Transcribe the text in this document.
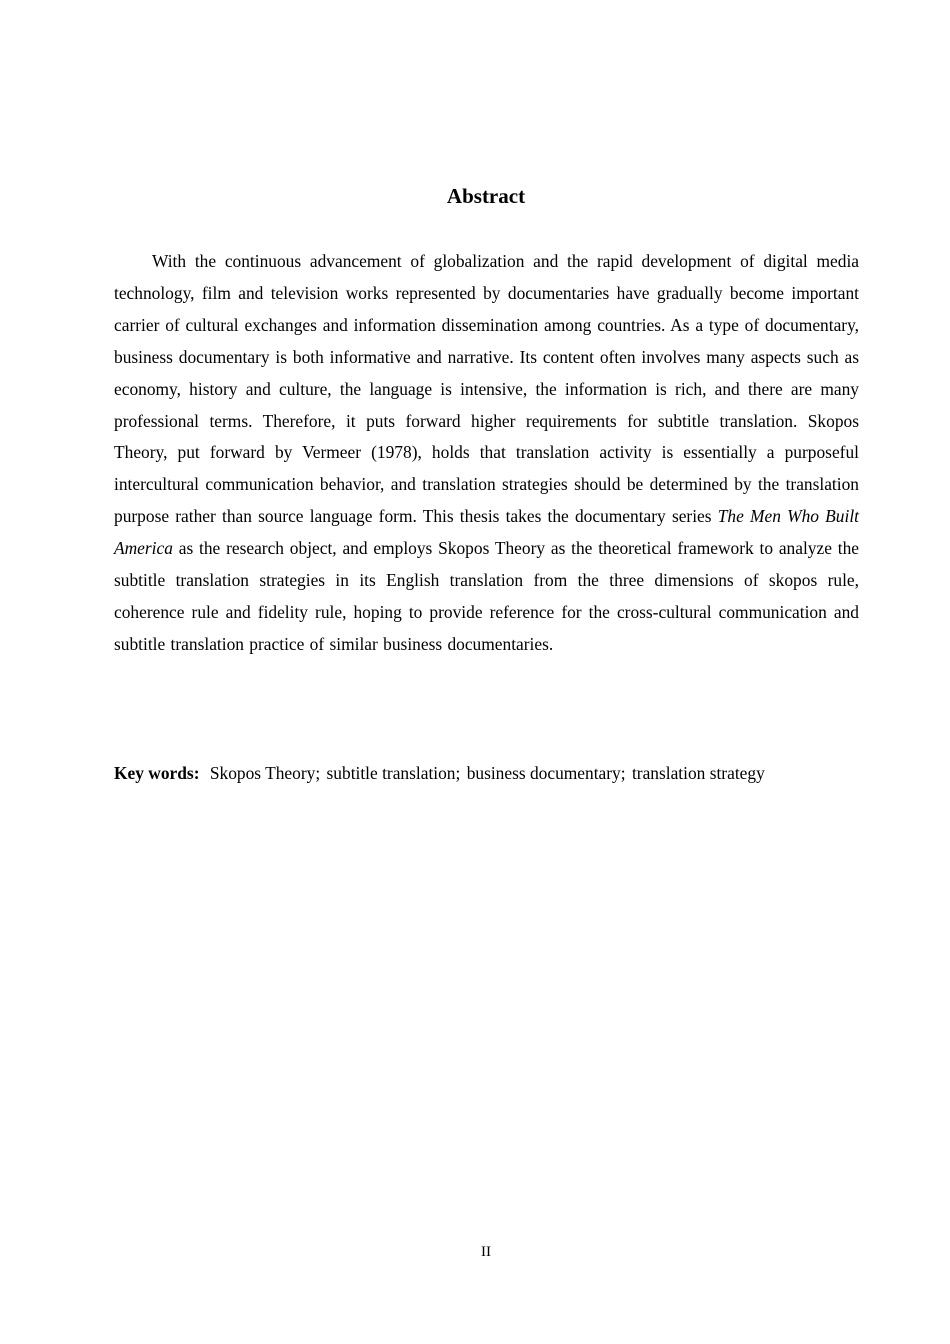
Abstract

With the continuous advancement of globalization and the rapid development of digital media technology, film and television works represented by documentaries have gradually become important carrier of cultural exchanges and information dissemination among countries. As a type of documentary, business documentary is both informative and narrative. Its content often involves many aspects such as economy, history and culture, the language is intensive, the information is rich, and there are many professional terms. Therefore, it puts forward higher requirements for subtitle translation. Skopos Theory, put forward by Vermeer (1978), holds that translation activity is essentially a purposeful intercultural communication behavior, and translation strategies should be determined by the translation purpose rather than source language form. This thesis takes the documentary series The Men Who Built America as the research object, and employs Skopos Theory as the theoretical framework to analyze the subtitle translation strategies in its English translation from the three dimensions of skopos rule, coherence rule and fidelity rule, hoping to provide reference for the cross-cultural communication and subtitle translation practice of similar business documentaries.

Key words: Skopos Theory; subtitle translation; business documentary; translation strategy

II
